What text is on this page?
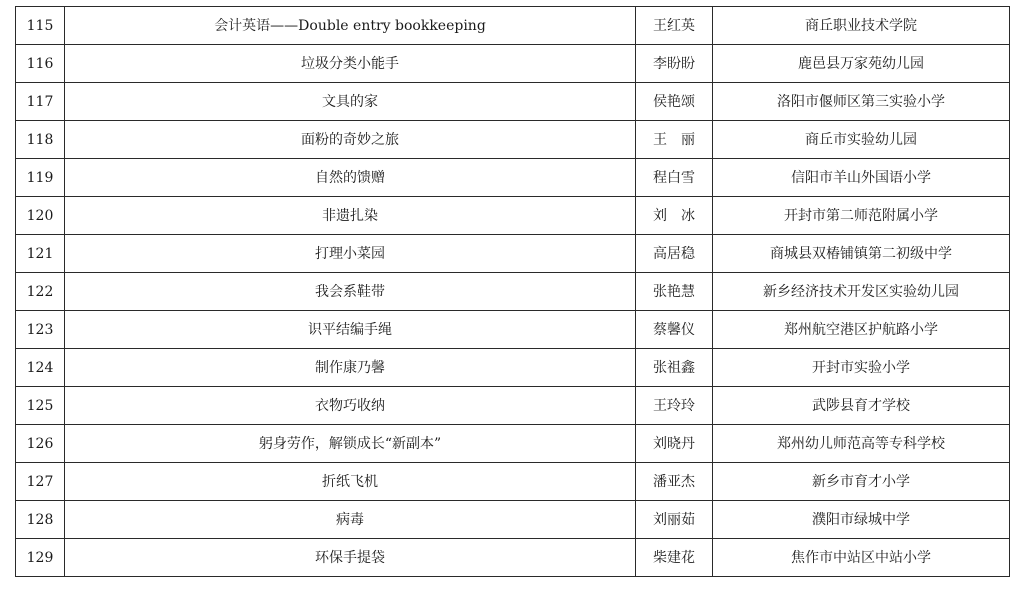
115	会计英语——Double entry bookkeeping	王红英	商丘职业技术学院
116	垃圾分类小能手	李盼盼	鹿邑县万家苑幼儿园
117	文具的家	侯艳颂	洛阳市偃师区第三实验小学
118	面粉的奇妙之旅	王　丽	商丘市实验幼儿园
119	自然的馈赠	程白雪	信阳市羊山外国语小学
120	非遗扎染	刘　冰	开封市第二师范附属小学
121	打理小菜园	高居稳	商城县双椿铺镇第二初级中学
122	我会系鞋带	张艳慧	新乡经济技术开发区实验幼儿园
123	识平结编手绳	蔡馨仪	郑州航空港区护航路小学
124	制作康乃馨	张祖鑫	开封市实验小学
125	衣物巧收纳	王玲玲	武陟县育才学校
126	躬身劳作，解锁成长“新副本”	刘晓丹	郑州幼儿师范高等专科学校
127	折纸飞机	潘亚杰	新乡市育才小学
128	病毒	刘丽茹	濮阳市绿城中学
129	环保手提袋	柴建花	焦作市中站区中站小学
